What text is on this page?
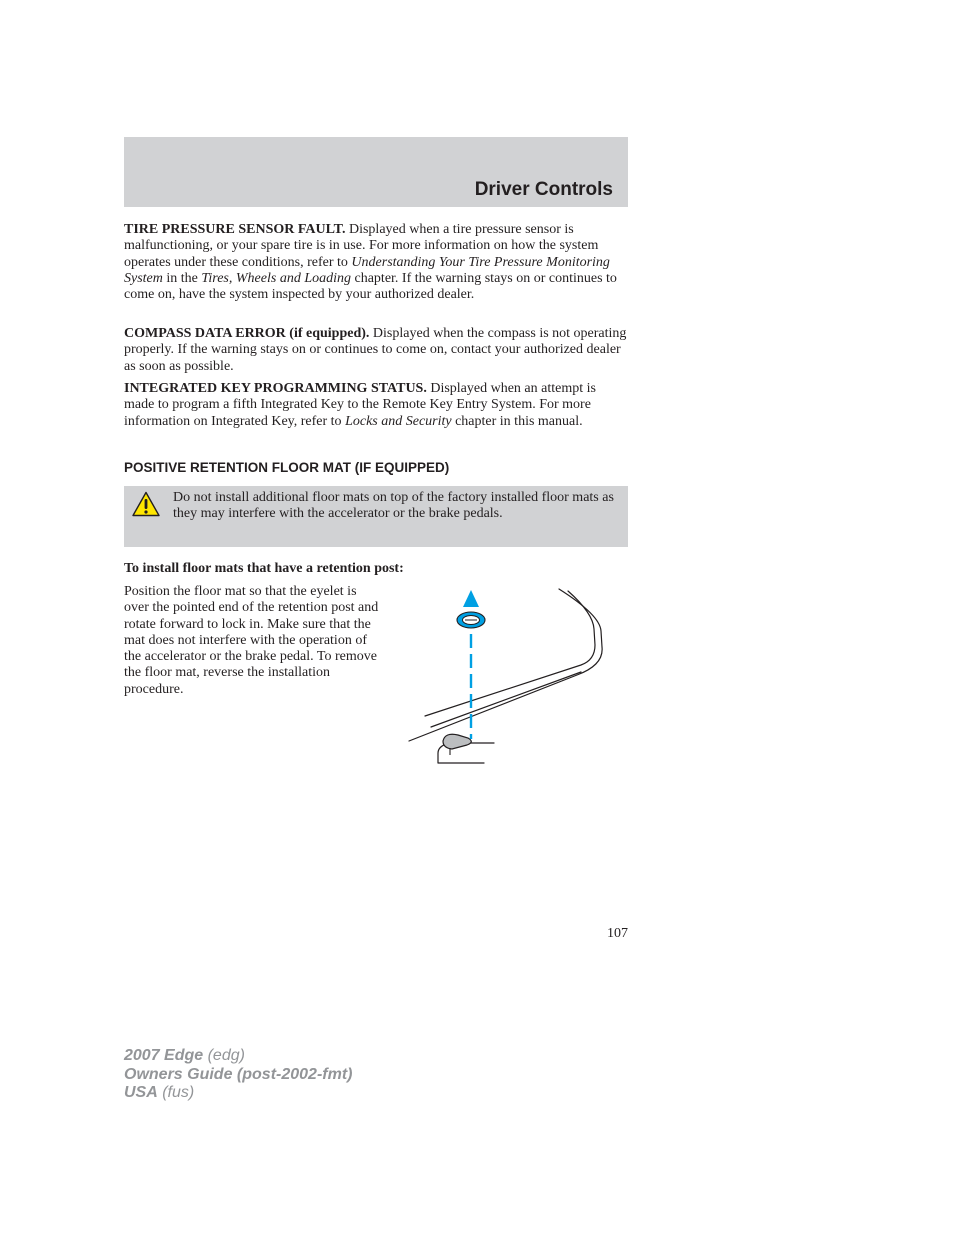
Driver Controls

TIRE PRESSURE SENSOR FAULT. Displayed when a tire pressure sensor is malfunctioning, or your spare tire is in use. For more information on how the system operates under these conditions, refer to Understanding Your Tire Pressure Monitoring System in the Tires, Wheels and Loading chapter. If the warning stays on or continues to come on, have the system inspected by your authorized dealer.

COMPASS DATA ERROR (if equipped). Displayed when the compass is not operating properly. If the warning stays on or continues to come on, contact your authorized dealer as soon as possible.

INTEGRATED KEY PROGRAMMING STATUS. Displayed when an attempt is made to program a fifth Integrated Key to the Remote Key Entry System. For more information on Integrated Key, refer to Locks and Security chapter in this manual.

POSITIVE RETENTION FLOOR MAT (IF EQUIPPED)

Do not install additional floor mats on top of the factory installed floor mats as they may interfere with the accelerator or the brake pedals.

To install floor mats that have a retention post:

Position the floor mat so that the eyelet is over the pointed end of the retention post and rotate forward to lock in. Make sure that the mat does not interfere with the operation of the accelerator or the brake pedal. To remove the floor mat, reverse the installation procedure.

107
2007 Edge (edg)
Owners Guide (post-2002-fmt)
USA (fus)
